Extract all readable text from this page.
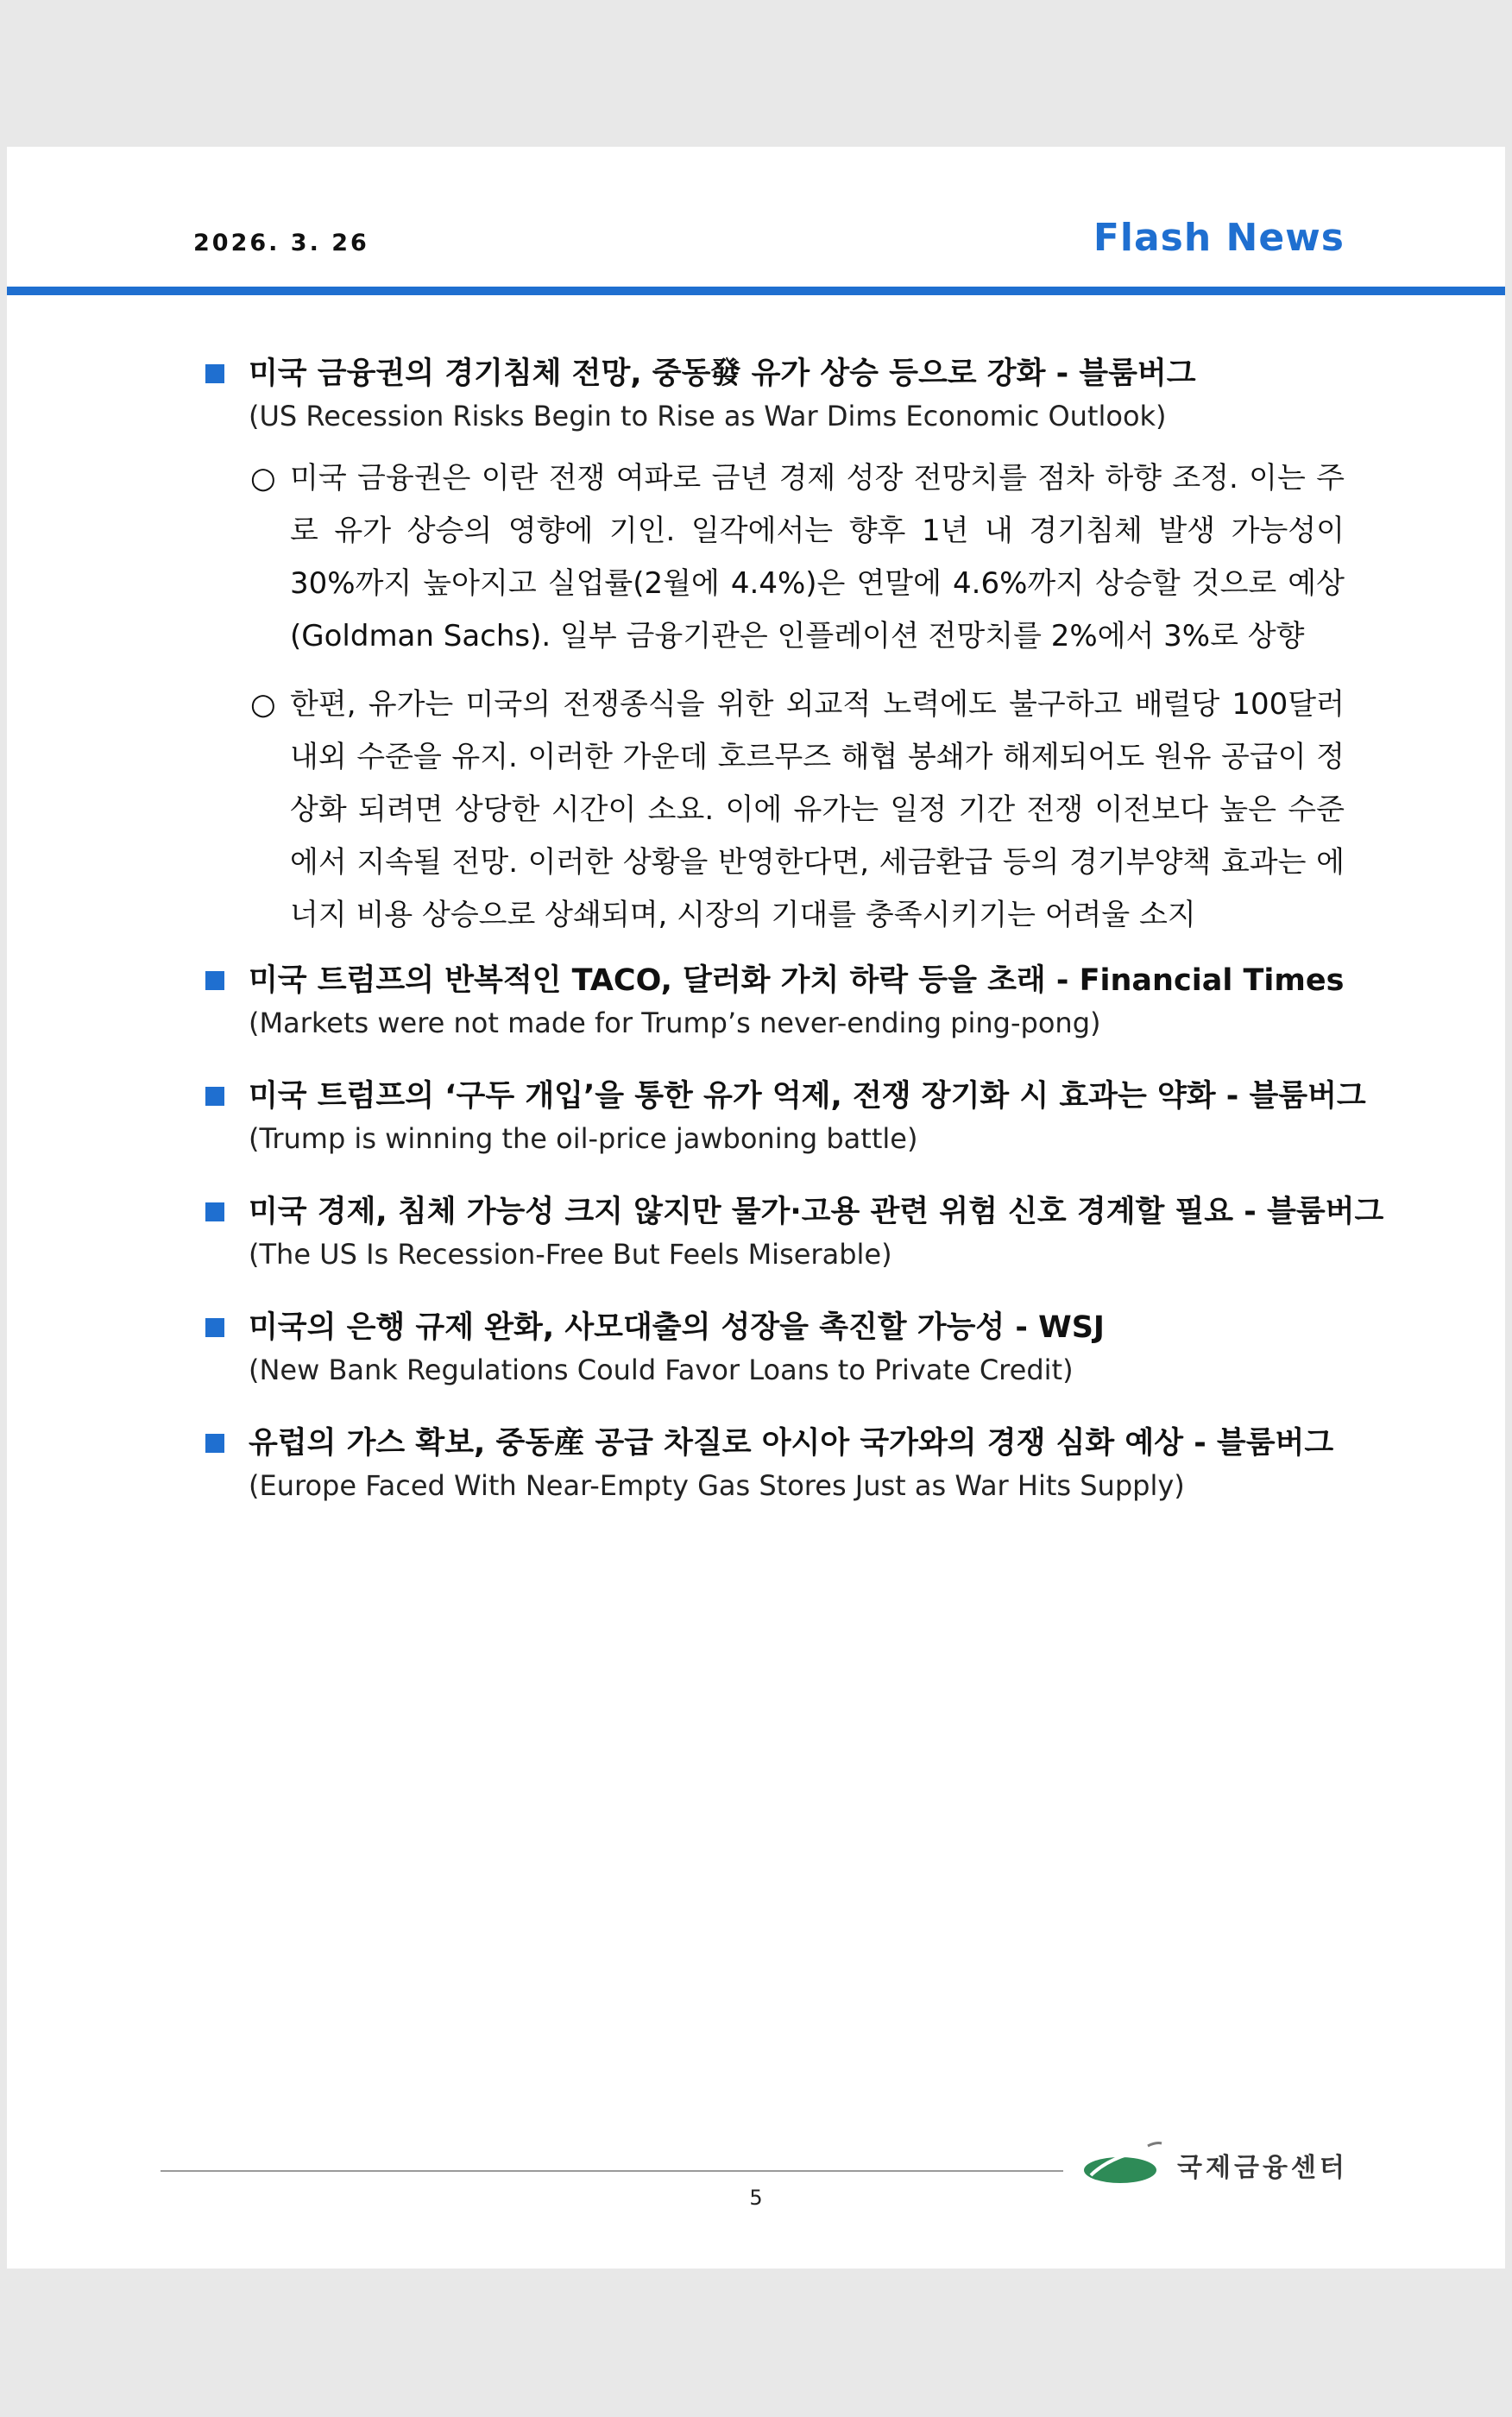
2026. 3. 26	Flash News
미국 금융권의 경기침체 전망, 중동發 유가 상승 등으로 강화 - 블룸버그
(US Recession Risks Begin to Rise as War Dims Economic Outlook)
○ 미국 금융권은 이란 전쟁 여파로 금년 경제 성장 전망치를 점차 하향 조정. 이는 주로 유가 상승의 영향에 기인. 일각에서는 향후 1년 내 경기침체 발생 가능성이 30%까지 높아지고 실업률(2월에 4.4%)은 연말에 4.6%까지 상승할 것으로 예상(Goldman Sachs). 일부 금융기관은 인플레이션 전망치를 2%에서 3%로 상향
○ 한편, 유가는 미국의 전쟁종식을 위한 외교적 노력에도 불구하고 배럴당 100달러 내외 수준을 유지. 이러한 가운데 호르무즈 해협 봉쇄가 해제되어도 원유 공급이 정상화 되려면 상당한 시간이 소요. 이에 유가는 일정 기간 전쟁 이전보다 높은 수준에서 지속될 전망. 이러한 상황을 반영한다면, 세금환급 등의 경기부양책 효과는 에너지 비용 상승으로 상쇄되며, 시장의 기대를 충족시키기는 어려울 소지
미국 트럼프의 반복적인 TACO, 달러화 가치 하락 등을 초래 - Financial Times
(Markets were not made for Trump’s never-ending ping-pong)
미국 트럼프의 ‘구두 개입’을 통한 유가 억제, 전쟁 장기화 시 효과는 약화 - 블룸버그
(Trump is winning the oil-price jawboning battle)
미국 경제, 침체 가능성 크지 않지만 물가·고용 관련 위험 신호 경계할 필요 - 블룸버그
(The US Is Recession-Free But Feels Miserable)
미국의 은행 규제 완화, 사모대출의 성장을 촉진할 가능성 - WSJ
(New Bank Regulations Could Favor Loans to Private Credit)
유럽의 가스 확보, 중동産 공급 차질로 아시아 국가와의 경쟁 심화 예상 - 블룸버그
(Europe Faced With Near-Empty Gas Stores Just as War Hits Supply)
국제금융센터
5
